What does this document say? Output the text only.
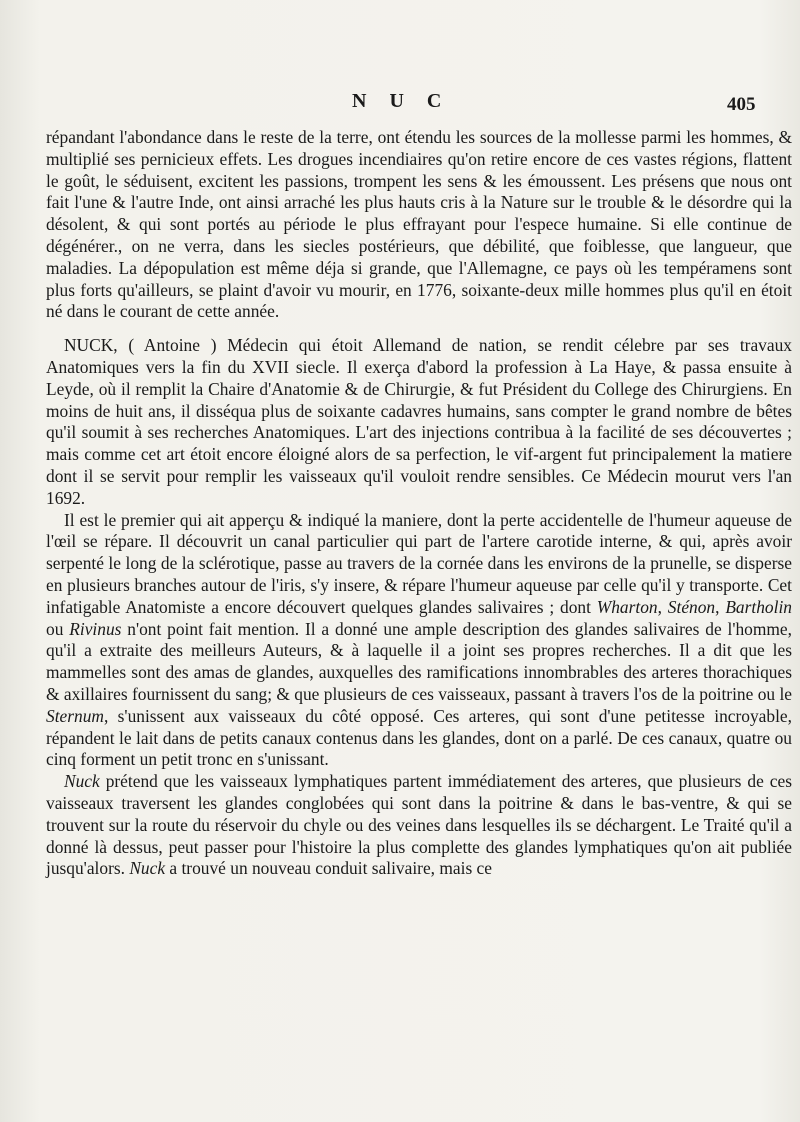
N U C	405

répandant l'abondance dans le reste de la terre, ont étendu les sources de la mollesse parmi les hommes, & multiplié ses pernicieux effets. Les drogues incendiaires qu'on retire encore de ces vastes régions, flattent le goût, le séduisent, excitent les passions, trompent les sens & les émoussent. Les présens que nous ont fait l'une & l'autre Inde, ont ainsi arraché les plus hauts cris à la Nature sur le trouble & le désordre qui la désolent, & qui sont portés au période le plus effrayant pour l'espece humaine. Si elle continue de dégénérer., on ne verra, dans les siecles postérieurs, que débilité, que foiblesse, que langueur, que maladies. La dépopulation est même déja si grande, que l'Allemagne, ce pays où les tempéramens sont plus forts qu'ailleurs, se plaint d'avoir vu mourir, en 1776, soixante-deux mille hommes plus qu'il en étoit né dans le courant de cette année.

NUCK, ( Antoine ) Médecin qui étoit Allemand de nation, se rendit célebre par ses travaux Anatomiques vers la fin du XVII siecle. Il exerça d'abord la profession à La Haye, & passa ensuite à Leyde, où il remplit la Chaire d'Anatomie & de Chirurgie, & fut Président du College des Chirurgiens. En moins de huit ans, il disséqua plus de soixante cadavres humains, sans compter le grand nombre de bêtes qu'il soumit à ses recherches Anatomiques. L'art des injections contribua à la facilité de ses découvertes ; mais comme cet art étoit encore éloigné alors de sa perfection, le vif-argent fut principalement la matiere dont il se servit pour remplir les vaisseaux qu'il vouloit rendre sensibles. Ce Médecin mourut vers l'an 1692.

Il est le premier qui ait apperçu & indiqué la maniere, dont la perte accidentelle de l'humeur aqueuse de l'œil se répare. Il découvrit un canal particulier qui part de l'artere carotide interne, & qui, après avoir serpenté le long de la sclérotique, passe au travers de la cornée dans les environs de la prunelle, se disperse en plusieurs branches autour de l'iris, s'y insere, & répare l'humeur aqueuse par celle qu'il y transporte. Cet infatigable Anatomiste a encore découvert quelques glandes salivaires ; dont Wharton, Sténon, Bartholin ou Rivinus n'ont point fait mention. Il a donné une ample description des glandes salivaires de l'homme, qu'il a extraite des meilleurs Auteurs, & à laquelle il a joint ses propres recherches. Il a dit que les mammelles sont des amas de glandes, auxquelles des ramifications innombrables des arteres thorachiques & axillaires fournissent du sang; & que plusieurs de ces vaisseaux, passant à travers l'os de la poitrine ou le Sternum, s'unissent aux vaisseaux du côté opposé. Ces arteres, qui sont d'une petitesse incroyable, répandent le lait dans de petits canaux contenus dans les glandes, dont on a parlé. De ces canaux, quatre ou cinq forment un petit tronc en s'unissant.

Nuck prétend que les vaisseaux lymphatiques partent immédiatement des arteres, que plusieurs de ces vaisseaux traversent les glandes conglobées qui sont dans la poitrine & dans le bas-ventre, & qui se trouvent sur la route du réservoir du chyle ou des veines dans lesquelles ils se déchargent. Le Traité qu'il a donné là dessus, peut passer pour l'histoire la plus complette des glandes lymphatiques qu'on ait publiée jusqu'alors. Nuck a trouvé un nouveau conduit salivaire, mais ce
